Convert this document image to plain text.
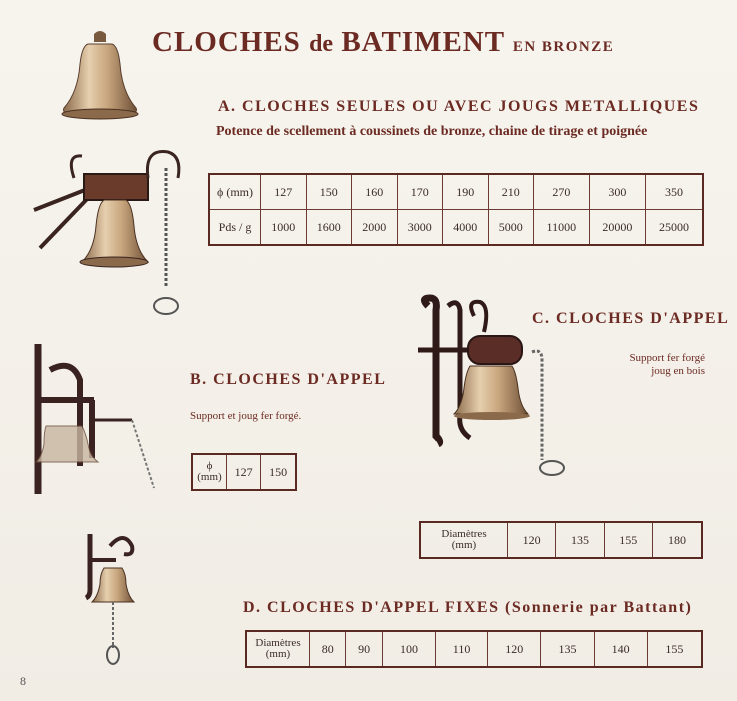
CLOCHES de BATIMENT EN BRONZE
A. CLOCHES SEULES OU AVEC JOUGS METALLIQUES
Potence de scellement à coussinets de bronze, chaine de tirage et poignée
ϕ (mm)	127	150	160	170	190	210	270	300	350
Pds / g	1000	1600	2000	3000	4000	5000	11000	20000	25000
C. CLOCHES D'APPEL
Support fer forgé
joug en bois
B. CLOCHES D'APPEL
Support et joug fer forgé.
ϕ
(mm)	127	150
Diamètres
(mm)	120	135	155	180
D. CLOCHES D'APPEL FIXES (Sonnerie par Battant)
Diamètres
(mm)	80	90	100	110	120	135	140	155
8
